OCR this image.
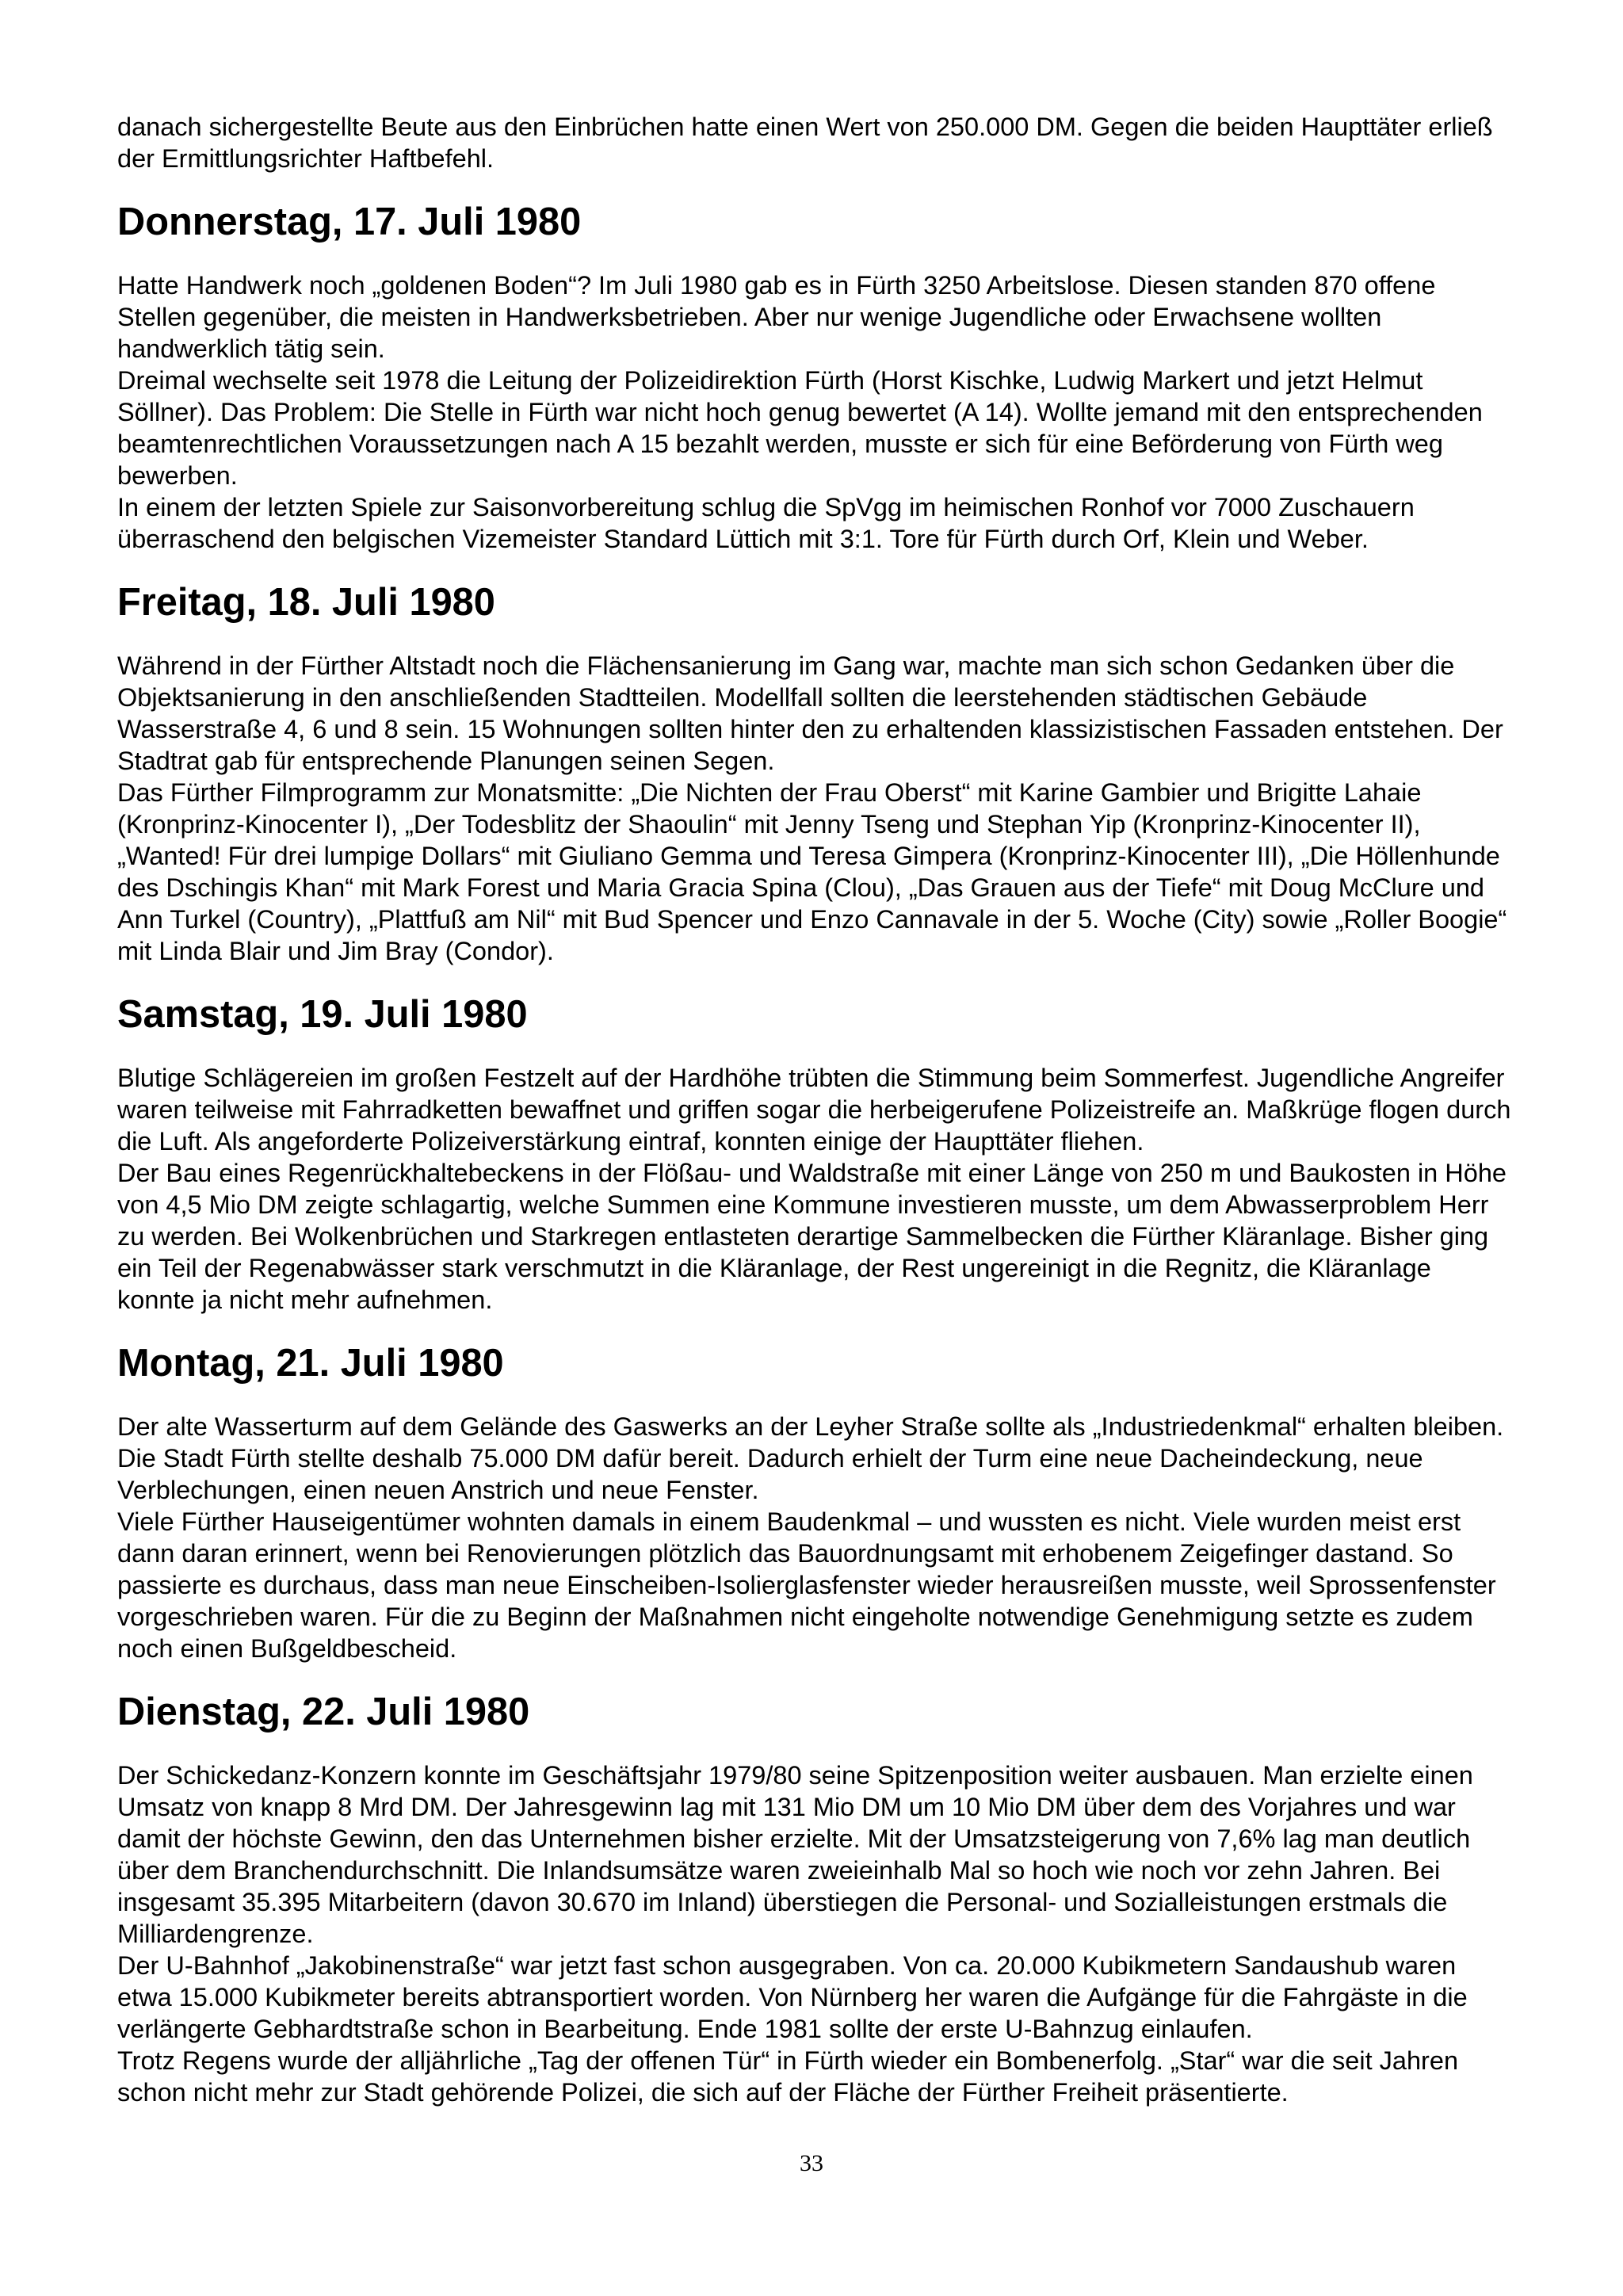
danach sichergestellte Beute aus den Einbrüchen hatte einen Wert von 250.000 DM. Gegen die beiden Haupttäter erließ der Ermittlungsrichter Haftbefehl.

Donnerstag, 17. Juli 1980

Hatte Handwerk noch „goldenen Boden“? Im Juli 1980 gab es in Fürth 3250 Arbeitslose. Diesen standen 870 offene Stellen gegenüber, die meisten in Handwerksbetrieben. Aber nur wenige Jugendliche oder Erwachsene wollten handwerklich tätig sein.

Dreimal wechselte seit 1978 die Leitung der Polizeidirektion Fürth (Horst Kischke, Ludwig Markert und jetzt Helmut Söllner). Das Problem: Die Stelle in Fürth war nicht hoch genug bewertet (A 14). Wollte jemand mit den entsprechenden beamtenrechtlichen Voraussetzungen nach A 15 bezahlt werden, musste er sich für eine Beförderung von Fürth weg bewerben.

In einem der letzten Spiele zur Saisonvorbereitung schlug die SpVgg im heimischen Ronhof vor 7000 Zuschauern überraschend den belgischen Vizemeister Standard Lüttich mit 3:1. Tore für Fürth durch Orf, Klein und Weber.

Freitag, 18. Juli 1980

Während in der Fürther Altstadt noch die Flächensanierung im Gang war, machte man sich schon Gedanken über die Objektsanierung in den anschließenden Stadtteilen. Modellfall sollten die leerstehenden städtischen Gebäude Wasserstraße 4, 6 und 8 sein. 15 Wohnungen sollten hinter den zu erhaltenden klassizistischen Fassaden entstehen. Der Stadtrat gab für entsprechende Planungen seinen Segen.

Das Fürther Filmprogramm zur Monatsmitte: „Die Nichten der Frau Oberst“ mit Karine Gambier und Brigitte Lahaie (Kronprinz-Kinocenter I), „Der Todesblitz der Shaoulin“ mit Jenny Tseng und Stephan Yip (Kronprinz-Kinocenter II), „Wanted! Für drei lumpige Dollars“ mit Giuliano Gemma und Teresa Gimpera (Kronprinz-Kinocenter III), „Die Höllenhunde des Dschingis Khan“ mit Mark Forest und Maria Gracia Spina (Clou), „Das Grauen aus der Tiefe“ mit Doug McClure und Ann Turkel (Country), „Plattfuß am Nil“ mit Bud Spencer und Enzo Cannavale in der 5. Woche (City) sowie „Roller Boogie“ mit Linda Blair und Jim Bray (Condor).

Samstag, 19. Juli 1980

Blutige Schlägereien im großen Festzelt auf der Hardhöhe trübten die Stimmung beim Sommerfest. Jugendliche Angreifer waren teilweise mit Fahrradketten bewaffnet und griffen sogar die herbeigerufene Polizeistreife an. Maßkrüge flogen durch die Luft. Als angeforderte Polizeiverstärkung eintraf, konnten einige der Haupttäter fliehen.

Der Bau eines Regenrückhaltebeckens in der Flößau- und Waldstraße mit einer Länge von 250 m und Baukosten in Höhe von 4,5 Mio DM zeigte schlagartig, welche Summen eine Kommune investieren musste, um dem Abwasserproblem Herr zu werden. Bei Wolkenbrüchen und Starkregen entlasteten derartige Sammelbecken die Fürther Kläranlage. Bisher ging ein Teil der Regenabwässer stark verschmutzt in die Kläranlage, der Rest ungereinigt in die Regnitz, die Kläranlage konnte ja nicht mehr aufnehmen.

Montag, 21. Juli 1980

Der alte Wasserturm auf dem Gelände des Gaswerks an der Leyher Straße sollte als „Industriedenkmal“ erhalten bleiben. Die Stadt Fürth stellte deshalb 75.000 DM dafür bereit. Dadurch erhielt der Turm eine neue Dacheindeckung, neue Verblechungen, einen neuen Anstrich und neue Fenster.

Viele Fürther Hauseigentümer wohnten damals in einem Baudenkmal – und wussten es nicht. Viele wurden meist erst dann daran erinnert, wenn bei Renovierungen plötzlich das Bauordnungsamt mit erhobenem Zeigefinger dastand. So passierte es durchaus, dass man neue Einscheiben-Isolierglasfenster wieder herausreißen musste, weil Sprossenfenster vorgeschrieben waren. Für die zu Beginn der Maßnahmen nicht eingeholte notwendige Genehmigung setzte es zudem noch einen Bußgeldbescheid.

Dienstag, 22. Juli 1980

Der Schickedanz-Konzern konnte im Geschäftsjahr 1979/80 seine Spitzenposition weiter ausbauen. Man erzielte einen Umsatz von knapp 8 Mrd DM. Der Jahresgewinn lag mit 131 Mio DM um 10 Mio DM über dem des Vorjahres und war damit der höchste Gewinn, den das Unternehmen bisher erzielte. Mit der Umsatzsteigerung von 7,6% lag man deutlich über dem Branchendurchschnitt. Die Inlandsumsätze waren zweieinhalb Mal so hoch wie noch vor zehn Jahren. Bei insgesamt 35.395 Mitarbeitern (davon 30.670 im Inland) überstiegen die Personal- und Sozialleistungen erstmals die Milliardengrenze.

Der U-Bahnhof „Jakobinenstraße“ war jetzt fast schon ausgegraben. Von ca. 20.000 Kubikmetern Sandaushub waren etwa 15.000 Kubikmeter bereits abtransportiert worden. Von Nürnberg her waren die Aufgänge für die Fahrgäste in die verlängerte Gebhardtstraße schon in Bearbeitung. Ende 1981 sollte der erste U-Bahnzug einlaufen.

Trotz Regens wurde der alljährliche „Tag der offenen Tür“ in Fürth wieder ein Bombenerfolg. „Star“ war die seit Jahren schon nicht mehr zur Stadt gehörende Polizei, die sich auf der Fläche der Fürther Freiheit präsentierte.

33
